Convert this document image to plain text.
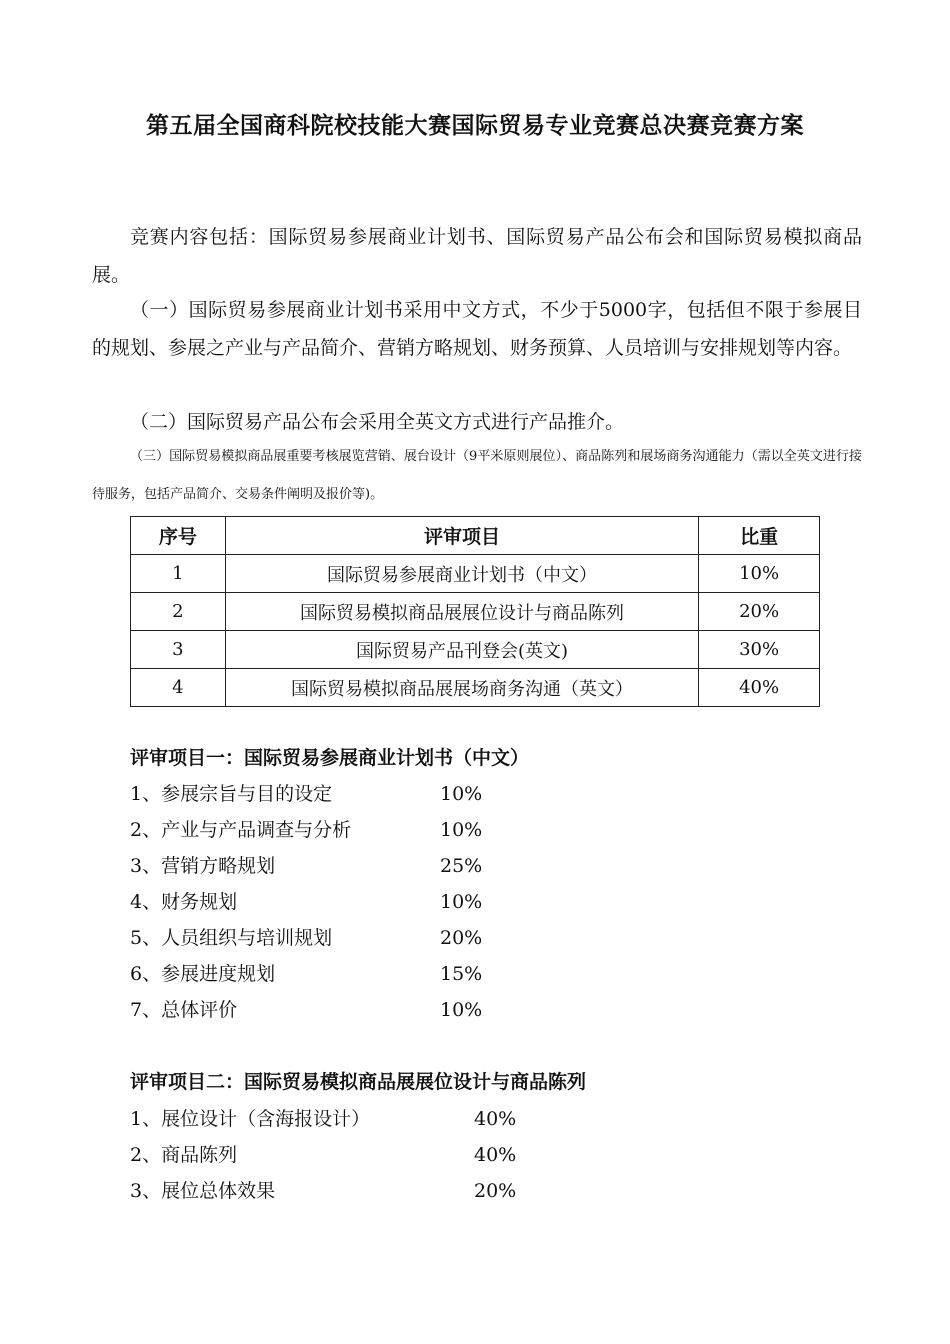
第五届全国商科院校技能大赛国际贸易专业竞赛总决赛竞赛方案
竞赛内容包括：国际贸易参展商业计划书、国际贸易产品公布会和国际贸易模拟商品展。
（一）国际贸易参展商业计划书采用中文方式，不少于5000字，包括但不限于参展目的规划、参展之产业与产品简介、营销方略规划、财务预算、人员培训与安排规划等内容。
（二）国际贸易产品公布会采用全英文方式进行产品推介。
（三）国际贸易模拟商品展重要考核展览营销、展台设计（9平米原则展位）、商品陈列和展场商务沟通能力（需以全英文进行接待服务，包括产品简介、交易条件阐明及报价等)。
序号	评审项目	比重
1	国际贸易参展商业计划书（中文）	10%
2	国际贸易模拟商品展展位设计与商品陈列	20%
3	国际贸易产品刊登会(英文)	30%
4	国际贸易模拟商品展展场商务沟通（英文）	40%
评审项目一：国际贸易参展商业计划书（中文）
1、参展宗旨与目的设定	10%
2、产业与产品调查与分析	10%
3、营销方略规划	25%
4、财务规划	10%
5、人员组织与培训规划	20%
6、参展进度规划	15%
7、总体评价	10%
评审项目二：国际贸易模拟商品展展位设计与商品陈列
1、展位设计（含海报设计）	40%
2、商品陈列	40%
3、展位总体效果	20%
